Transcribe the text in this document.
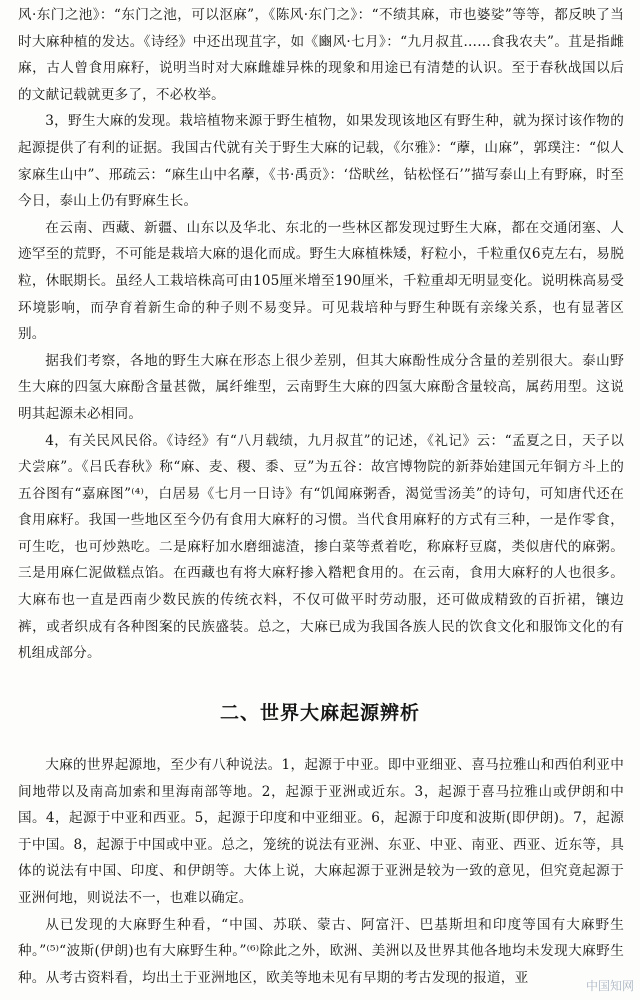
风·东门之池》：“东门之池，可以沤麻”，《陈风·东门之》：“不绩其麻，市也婆娑”等等，都反映了当时大麻种植的发达。《诗经》中还出现苴字，如《豳风·七月》：“九月叔苴……食我农夫”。苴是指雌麻，古人曾食用麻籽，说明当时对大麻雌雄异株的现象和用途已有清楚的认识。至于春秋战国以后的文献记载就更多了，不必枚举。

3，野生大麻的发现。栽培植物来源于野生植物，如果发现该地区有野生种，就为探讨该作物的起源提供了有利的证据。我国古代就有关于野生大麻的记载，《尔雅》：“藦，山麻”，郭璞注：“似人家麻生山中”、邢疏云：“麻生山中名藦，《书·禹贡》：‘岱畎丝，钻松怪石’”描写泰山上有野麻，时至今日，泰山上仍有野麻生长。

在云南、西藏、新疆、山东以及华北、东北的一些林区都发现过野生大麻，都在交通闭塞、人迹罕至的荒野，不可能是栽培大麻的退化而成。野生大麻植株矮，籽粒小，千粒重仅6克左右，易脱粒，休眠期长。虽经人工栽培株高可由105厘米增至190厘米，千粒重却无明显变化。说明株高易受环境影响，而孕育着新生命的种子则不易变异。可见栽培种与野生种既有亲缘关系，也有显著区别。

据我们考察，各地的野生大麻在形态上很少差别，但其大麻酚性成分含量的差别很大。泰山野生大麻的四氢大麻酚含量甚微，属纤维型，云南野生大麻的四氢大麻酚含量较高，属药用型。这说明其起源未必相同。

4，有关民风民俗。《诗经》有“八月载绩，九月叔苴”的记述，《礼记》云：“孟夏之日，天子以犬尝麻”。《吕氏春秋》称“麻、麦、稷、黍、豆”为五谷：故宫博物院的新莽始建国元年铜方斗上的五谷图有“嘉麻图”⁽⁴⁾，白居易《七月一日诗》有“饥闻麻粥香，渴觉雪汤美”的诗句，可知唐代还在食用麻籽。我国一些地区至今仍有食用大麻籽的习惯。当代食用麻籽的方式有三种，一是作零食，可生吃，也可炒熟吃。二是麻籽加水磨细滤渣，掺白菜等煮着吃，称麻籽豆腐，类似唐代的麻粥。三是用麻仁泥做糕点馅。在西藏也有将大麻籽掺入糌粑食用的。在云南，食用大麻籽的人也很多。大麻布也一直是西南少数民族的传统衣料，不仅可做平时劳动服，还可做成精致的百折裙，镶边裤，或者织成有各种图案的民族盛装。总之，大麻已成为我国各族人民的饮食文化和服饰文化的有机组成部分。

二、世界大麻起源辨析

大麻的世界起源地，至少有八种说法。1，起源于中亚。即中亚细亚、喜马拉雅山和西伯利亚中间地带以及南高加索和里海南部等地。2，起源于亚洲或近东。3，起源于喜马拉雅山或伊朗和中国。4，起源于中亚和西亚。5，起源于印度和中亚细亚。6，起源于印度和波斯(即伊朗)。7，起源于中国。8，起源于中国或中亚。总之，笼统的说法有亚洲、东亚、中亚、南亚、西亚、近东等，具体的说法有中国、印度、和伊朗等。大体上说，大麻起源于亚洲是较为一致的意见，但究竟起源于亚洲何地，则说法不一，也难以确定。

从已发现的大麻野生种看，“中国、苏联、蒙古、阿富汗、巴基斯坦和印度等国有大麻野生种。”⁽⁵⁾“波斯(伊朗)也有大麻野生种。”⁽⁶⁾除此之外，欧洲、美洲以及世界其他各地均未发现大麻野生种。从考古资料看，均出土于亚洲地区，欧美等地未见有早期的考古发现的报道，亚

中国知网
